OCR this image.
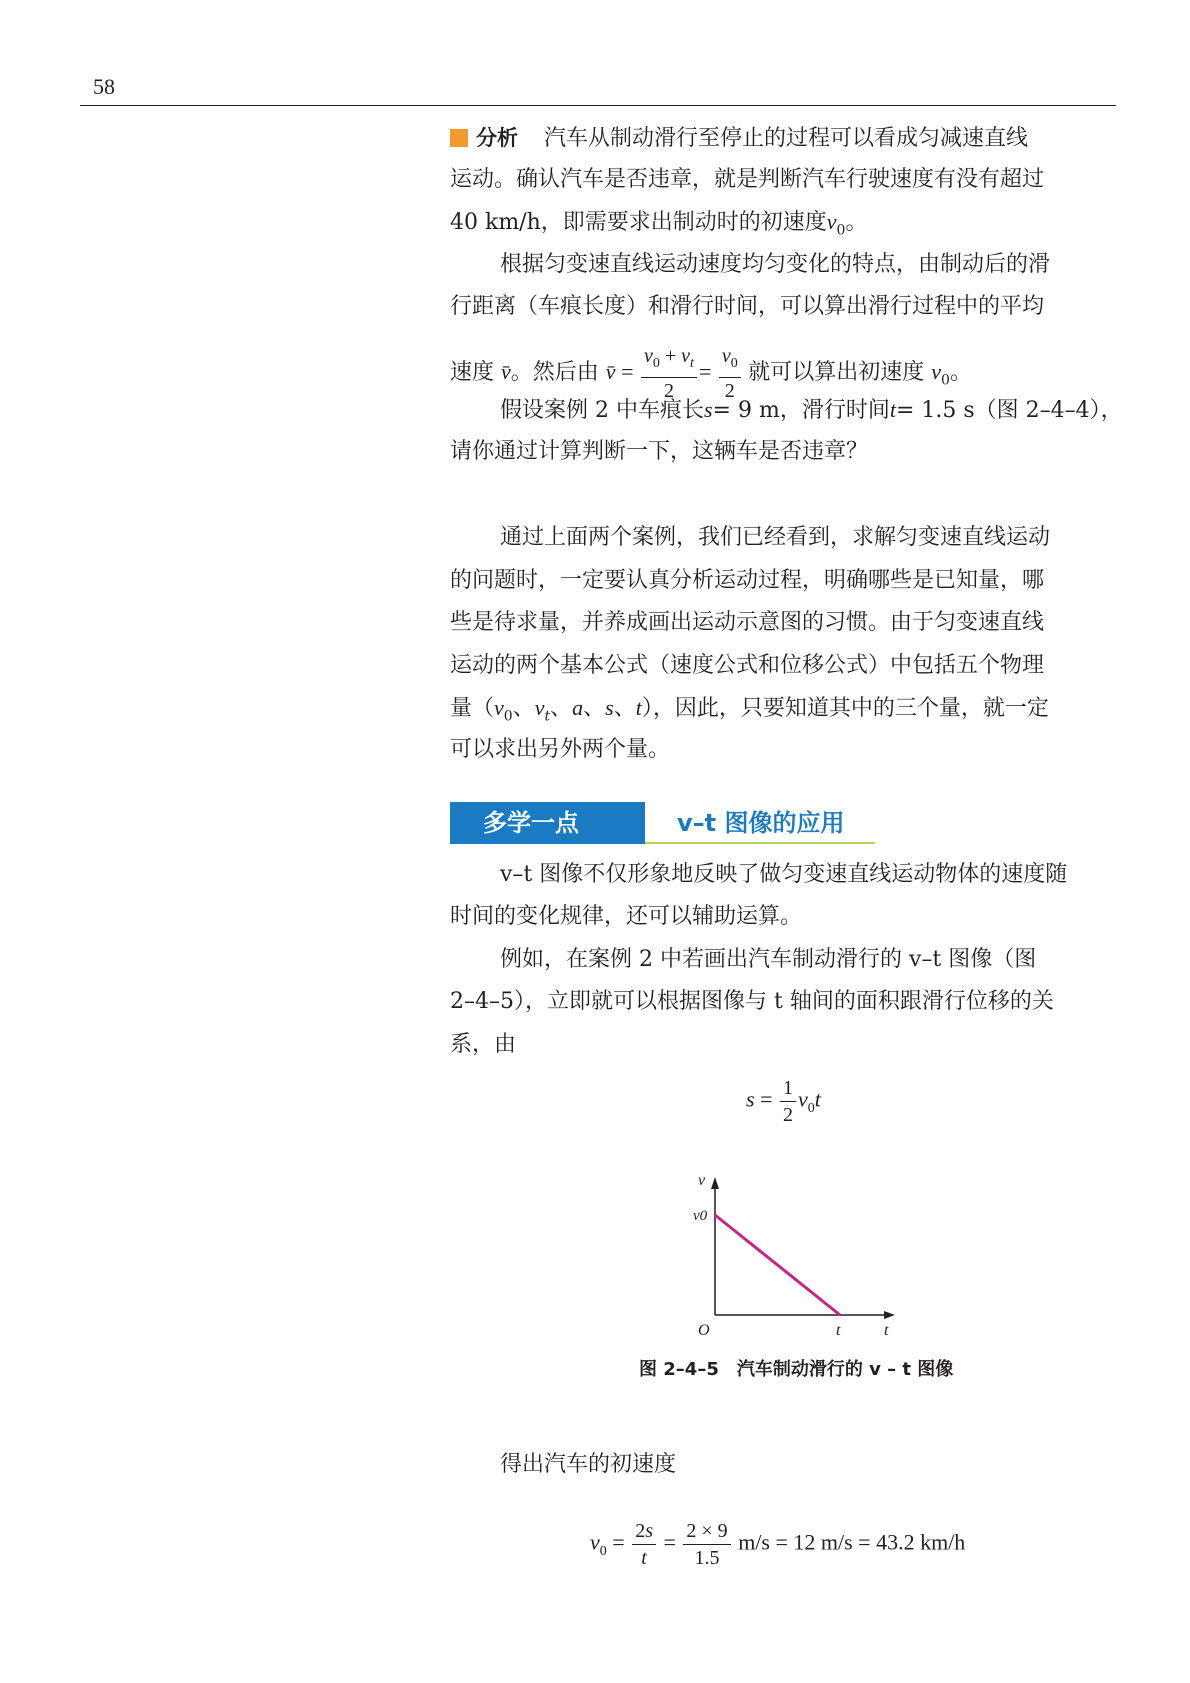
58
分析 汽车从制动滑行至停止的过程可以看成匀减速直线
运动。确认汽车是否违章，就是判断汽车行驶速度有没有超过
40 km/h，即需要求出制动时的初速度$v_0$。
根据匀变速直线运动速度均匀变化的特点，由制动后的滑
行距离（车痕长度）和滑行时间，可以算出滑行过程中的平均
速度 v̄。然后由 v̄ = $\frac{v_0 + v_t}{2} = \frac{v_0}{2}$ 就可以算出初速度 $v_0$。
假设案例 2 中车痕长s= 9 m，滑行时间t= 1.5 s（图 2–4–4），
请你通过计算判断一下，这辆车是否违章？
通过上面两个案例，我们已经看到，求解匀变速直线运动
的问题时，一定要认真分析运动过程，明确哪些是已知量，哪
些是待求量，并养成画出运动示意图的习惯。由于匀变速直线
运动的两个基本公式（速度公式和位移公式）中包括五个物理
量（$v_0$、$v_t$、a、s、t），因此，只要知道其中的三个量，就一定
可以求出另外两个量。
多学一点	v–t 图像的应用
v–t 图像不仅形象地反映了做匀变速直线运动物体的速度随
时间的变化规律，还可以辅助运算。
例如，在案例 2 中若画出汽车制动滑行的 v–t 图像（图
2–4–5），立即就可以根据图像与 t 轴间的面积跟滑行位移的关
系，由
$s = \frac{1}{2} v_0t$
v
v0
O	t	t
图 2–4–5　汽车制动滑行的 v – t 图像
得出汽车的初速度
$v_0 = \frac{2s}{t} = \frac{2 \times 9}{1.5} m/s = 12$ m/s = 43.2 km/h
